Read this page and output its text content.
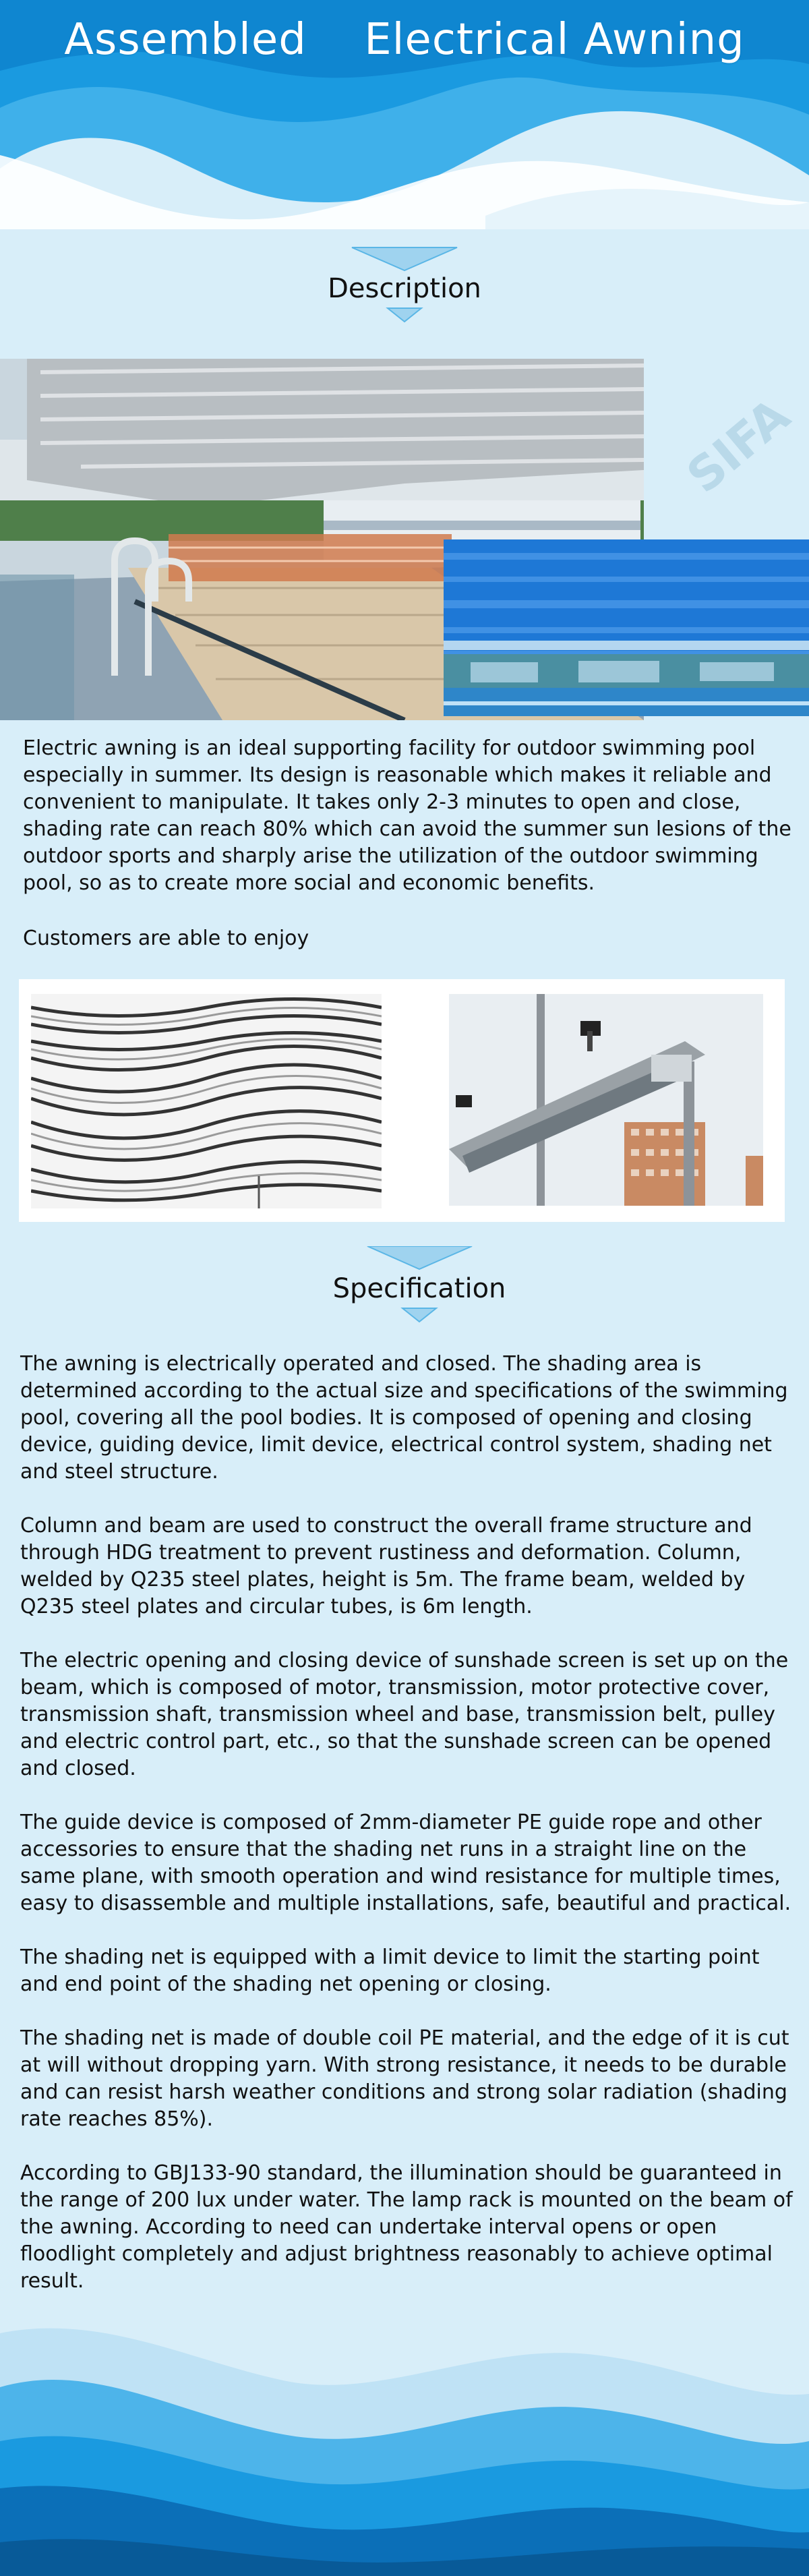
Assembled    Electrical Awning
Description
SIFA

Electric awning is an ideal supporting facility for outdoor swimming pool especially in summer. Its design is reasonable which makes it reliable and convenient to manipulate. It takes only 2-3 minutes to open and close, shading rate can reach 80% which can avoid the summer sun lesions of the outdoor sports and sharply arise the utilization of the outdoor swimming pool, so as to create more social and economic benefits.

Customers are able to enjoy

Specification

The awning is electrically operated and closed. The shading area is determined according to the actual size and specifications of the swimming pool, covering all the pool bodies. It is composed of opening and closing device, guiding device, limit device, electrical control system, shading net and steel structure.

Column and beam are used to construct the overall frame structure and through HDG treatment to prevent rustiness and deformation. Column, welded by Q235 steel plates, height is 5m. The frame beam, welded by Q235 steel plates and circular tubes, is 6m length.

The electric opening and closing device of sunshade screen is set up on the beam, which is composed of motor, transmission, motor protective cover, transmission shaft, transmission wheel and base, transmission belt, pulley and electric control part, etc., so that the sunshade screen can be opened and closed.

The guide device is composed of 2mm-diameter PE guide rope and other accessories to ensure that the shading net runs in a straight line on the same plane, with smooth operation and wind resistance for multiple times, easy to disassemble and multiple installations, safe, beautiful and practical.

The shading net is equipped with a limit device to limit the starting point and end point of the shading net opening or closing.

The shading net is made of double coil PE material, and the edge of it is cut at will without dropping yarn. With strong resistance, it needs to be durable and can resist harsh weather conditions and strong solar radiation (shading rate reaches 85%).

According to GBJ133-90 standard, the illumination should be guaranteed in the range of 200 lux under water. The lamp rack is mounted on the beam of the awning. According to need can undertake interval opens or open floodlight completely and adjust brightness reasonably to achieve optimal result.
